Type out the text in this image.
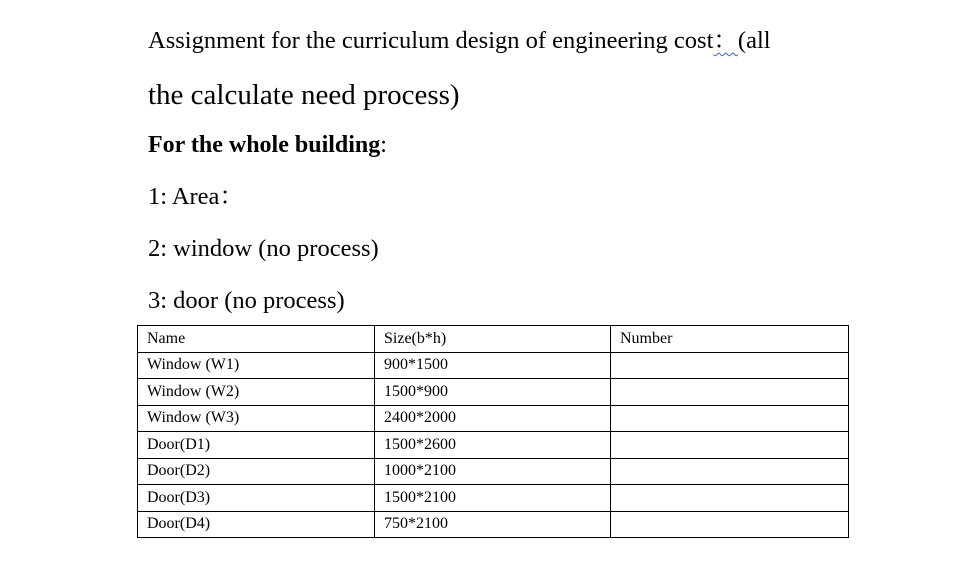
Assignment for the curriculum design of engineering cost：(all
the calculate need process)
For the whole building:
1: Area：
2: window (no process)
3: door (no process)
Name	Size(b*h)	Number
Window (W1)	900*1500	
Window (W2)	1500*900	
Window (W3)	2400*2000	
Door(D1)	1500*2600	
Door(D2)	1000*2100	
Door(D3)	1500*2100	
Door(D4)	750*2100	
